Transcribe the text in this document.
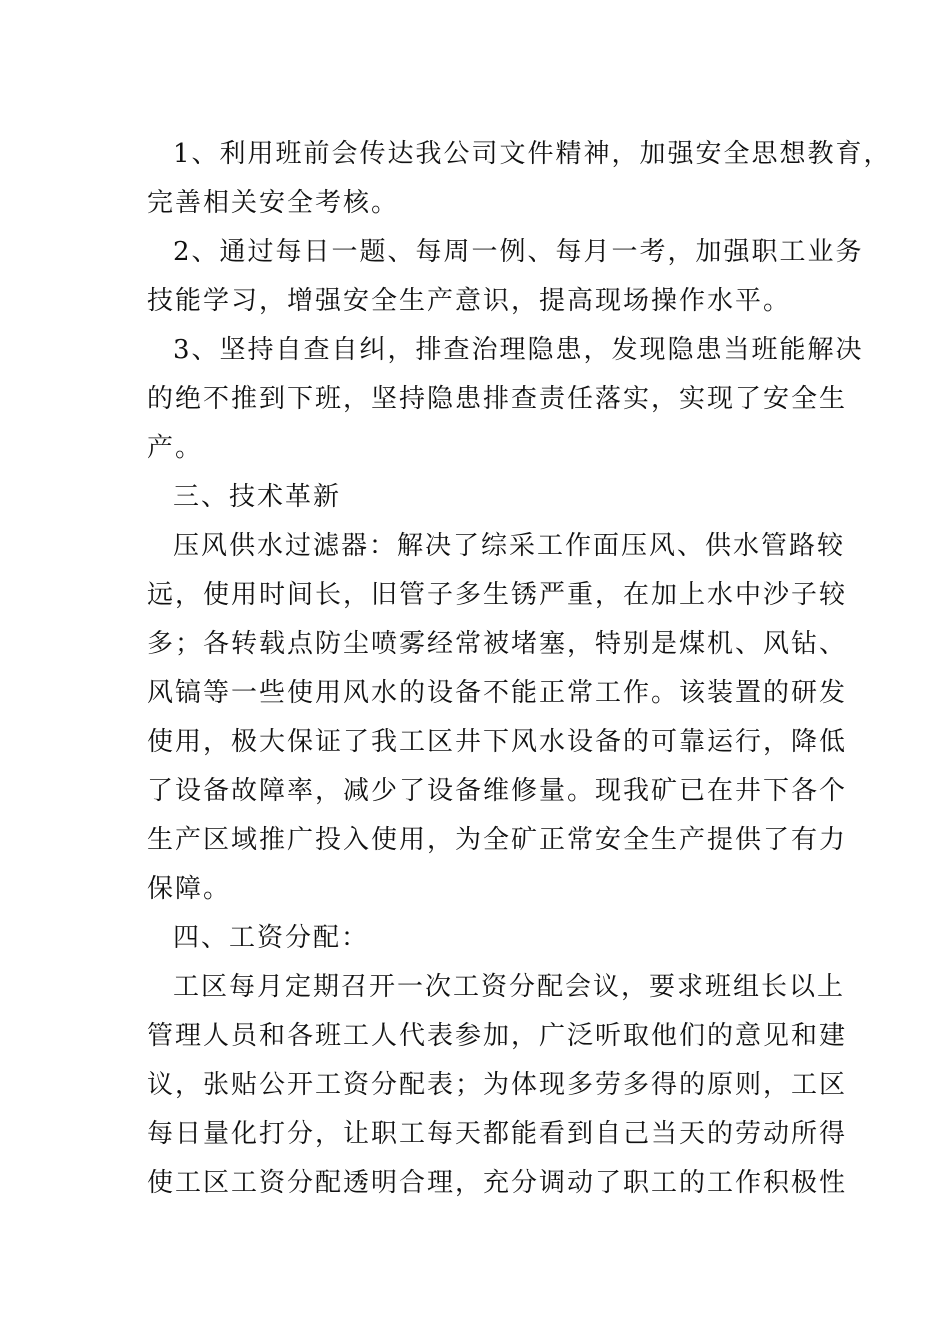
1、利用班前会传达我公司文件精神，加强安全思想教育，
完善相关安全考核。
2、通过每日一题、每周一例、每月一考，加强职工业务
技能学习，增强安全生产意识，提高现场操作水平。
3、坚持自查自纠，排查治理隐患，发现隐患当班能解决
的绝不推到下班，坚持隐患排查责任落实，实现了安全生
产。
三、技术革新
压风供水过滤器：解决了综采工作面压风、供水管路较
远，使用时间长，旧管子多生锈严重，在加上水中沙子较
多；各转载点防尘喷雾经常被堵塞，特别是煤机、风钻、
风镐等一些使用风水的设备不能正常工作。该装置的研发
使用，极大保证了我工区井下风水设备的可靠运行，降低
了设备故障率，减少了设备维修量。现我矿已在井下各个
生产区域推广投入使用，为全矿正常安全生产提供了有力
保障。
四、工资分配：
工区每月定期召开一次工资分配会议，要求班组长以上
管理人员和各班工人代表参加，广泛听取他们的意见和建
议，张贴公开工资分配表；为体现多劳多得的原则，工区
每日量化打分，让职工每天都能看到自己当天的劳动所得
使工区工资分配透明合理，充分调动了职工的工作积极性
